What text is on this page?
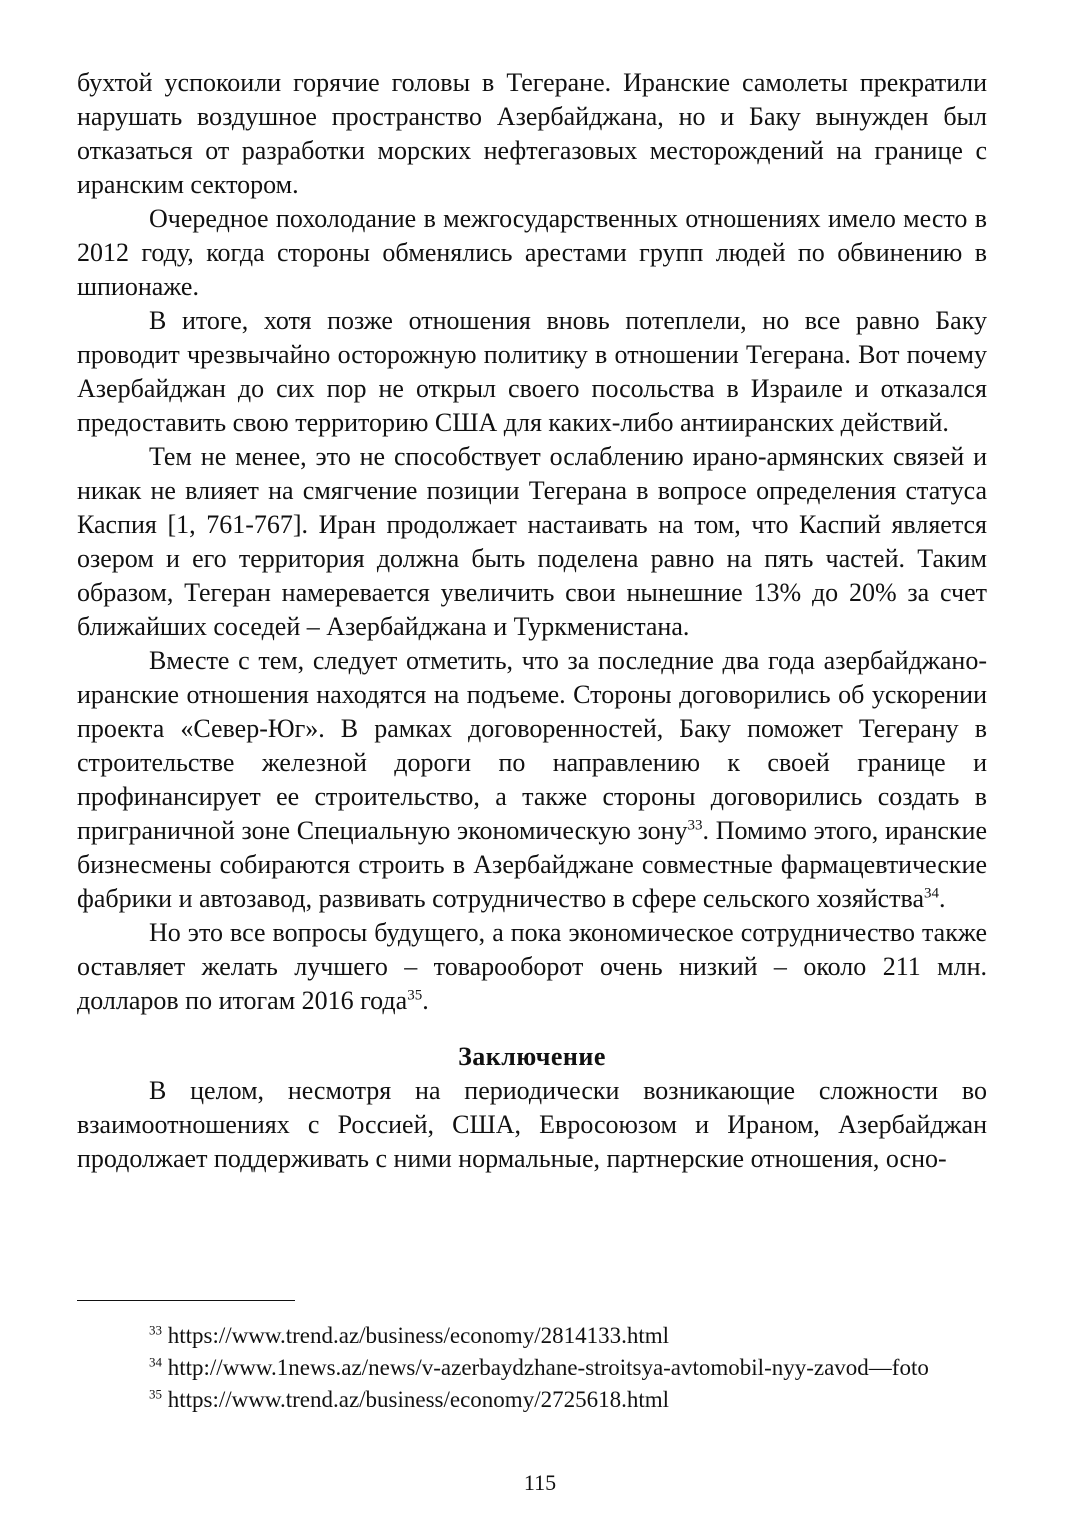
бухтой успокоили горячие головы в Тегеране. Иранские самолеты прекратили нарушать воздушное пространство Азербайджана, но и Баку вынужден был отказаться от разработки морских нефтегазовых месторождений на границе с иранским сектором.

Очередное похолодание в межгосударственных отношениях имело место в 2012 году, когда стороны обменялись арестами групп людей по обвинению в шпионаже.

В итоге, хотя позже отношения вновь потеплели, но все равно Баку проводит чрезвычайно осторожную политику в отношении Тегерана. Вот почему Азербайджан до сих пор не открыл своего посольства в Израиле и отказался предоставить свою территорию США для каких-либо антииранских действий.

Тем не менее, это не способствует ослаблению ирано-армянских связей и никак не влияет на смягчение позиции Тегерана в вопросе определения статуса Каспия [1, 761-767]. Иран продолжает настаивать на том, что Каспий является озером и его территория должна быть поделена равно на пять частей. Таким образом, Тегеран намеревается увеличить свои нынешние 13% до 20% за счет ближайших соседей – Азербайджана и Туркменистана.

Вместе с тем, следует отметить, что за последние два года азербайджано-иранские отношения находятся на подъеме. Стороны договорились об ускорении проекта «Север-Юг». В рамках договоренностей, Баку поможет Тегерану в строительстве железной дороги по направлению к своей границе и профинансирует ее строительство, а также стороны договорились создать в приграничной зоне Специальную экономическую зону$^{33}$. Помимо этого, иранские бизнесмены собираются строить в Азербайджане совместные фармацевтические фабрики и автозавод, развивать сотрудничество в сфере сельского хозяйства$^{34}$.

Но это все вопросы будущего, а пока экономическое сотрудничество также оставляет желать лучшего – товарооборот очень низкий – около 211 млн. долларов по итогам 2016 года$^{35}$.

Заключение

В целом, несмотря на периодически возникающие сложности во взаимоотношениях с Россией, США, Евросоюзом и Ираном, Азербайджан продолжает поддерживать с ними нормальные, партнерские отношения, осно-

$^{33}$ https://www.trend.az/business/economy/2814133.html

$^{34}$ http://www.1news.az/news/v-azerbaydzhane-stroitsya-avtomobil-nyy-zavod—foto

$^{35}$ https://www.trend.az/business/economy/2725618.html

115
